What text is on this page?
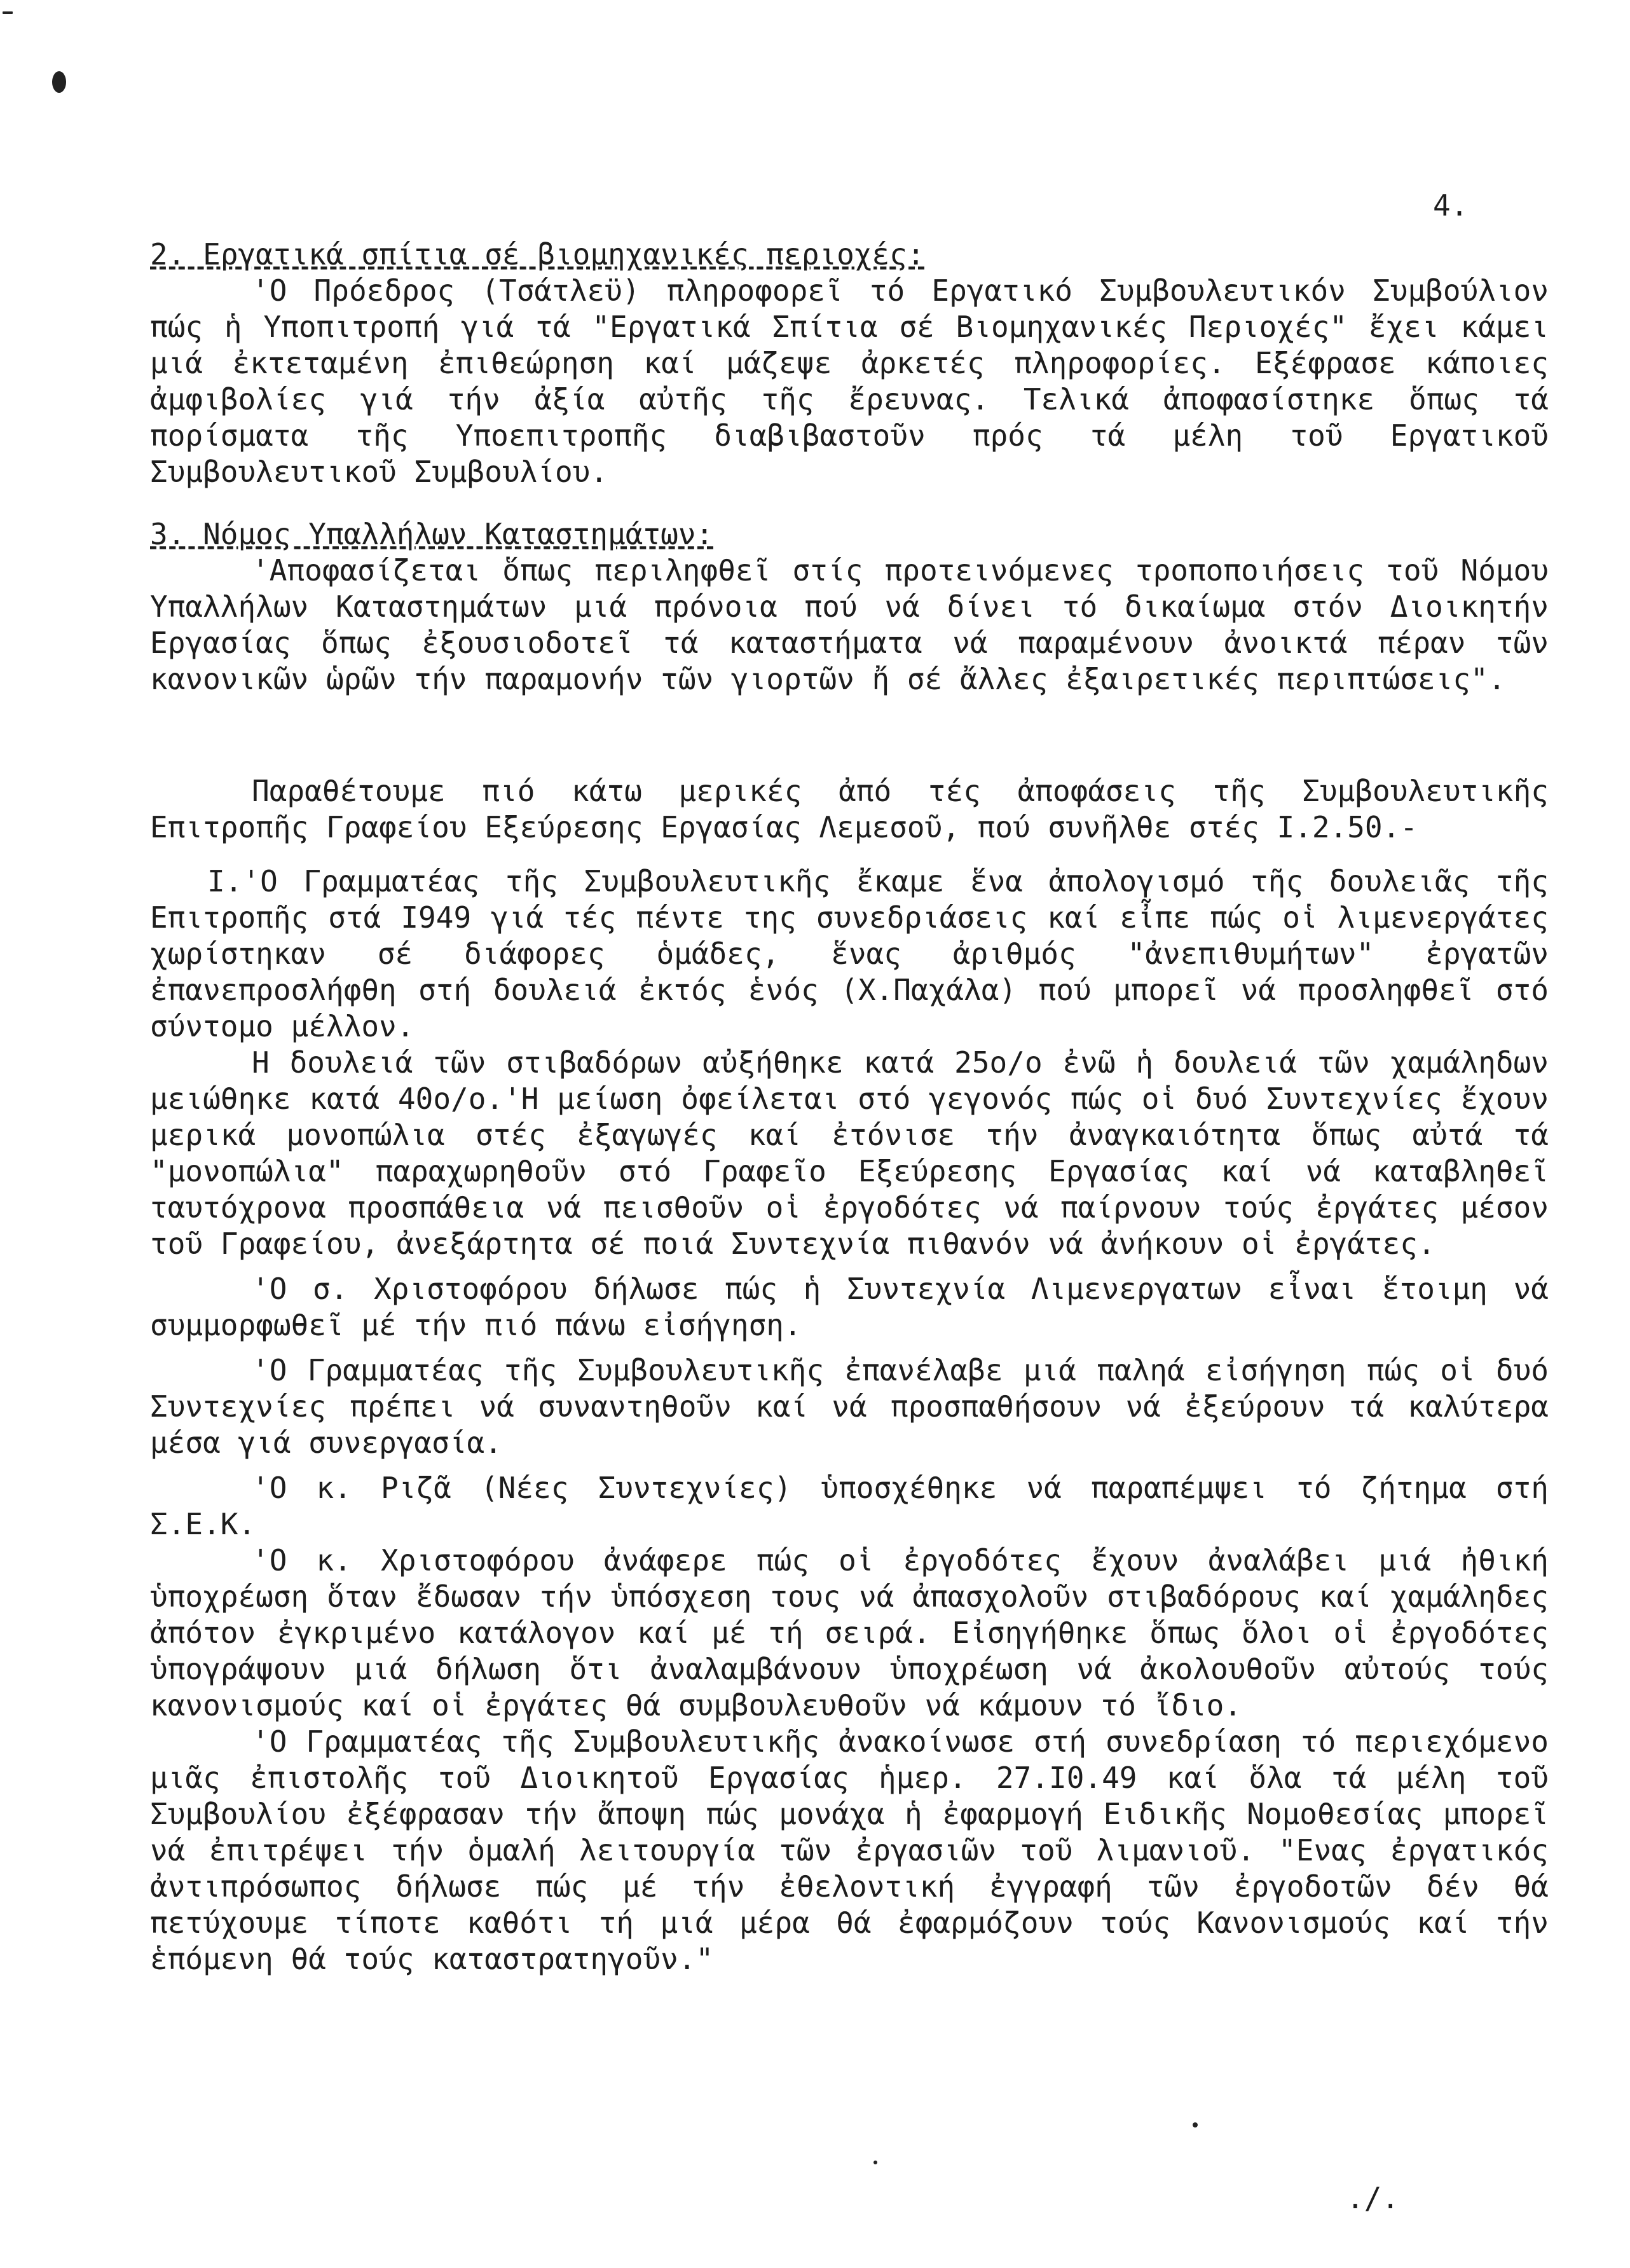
4.
2. Εργατικά σπίτια σέ βιομηχανικές περιοχές:

'Ο Πρόεδρος (Τσάτλεϋ) πληροφορεῖ τό Εργατικό Συμβουλευτικόν Συμβούλιον πώς ἡ Υποπιτροπή γιά τά "Εργατικά Σπίτια σέ Βιομηχανικές Περιοχές" ἔχει κάμει μιά ἐκτεταμένη ἐπιθεώρηση καί μάζεψε ἀρκετές πληροφορίες. Εξέφρασε κάποιες ἀμφιβολίες γιά τήν ἀξία αὐτῆς τῆς ἔρευνας. Τελικά ἀποφασίστηκε ὅπως τά πορίσματα τῆς Υποεπιτροπῆς διαβιβαστοῦν πρός τά μέλη τοῦ Εργατικοῦ Συμβουλευτικοῦ Συμβουλίου.

3. Νόμος Υπαλλήλων Καταστημάτων:

'Αποφασίζεται ὅπως περιληφθεῖ στίς προτεινόμενες τροποποιήσεις τοῦ Νόμου Υπαλλήλων Καταστημάτων μιά πρόνοια πού νά δίνει τό δικαίωμα στόν Διοικητήν Εργασίας ὅπως ἐξουσιοδοτεῖ τά καταστήματα νά παραμένουν ἀνοικτά πέραν τῶν κανονικῶν ὡρῶν τήν παραμονήν τῶν γιορτῶν ἤ σέ ἄλλες ἐξαιρετικές περιπτώσεις".

Παραθέτουμε πιό κάτω μερικές ἀπό τές ἀποφάσεις τῆς Συμβουλευτικῆς Επιτροπῆς Γραφείου Εξεύρεσης Εργασίας Λεμεσοῦ, πού συνῆλθε στές Ι.2.50.-

Ι.'Ο Γραμματέας τῆς Συμβουλευτικῆς ἔκαμε ἕνα ἀπολογισμό τῆς δουλειᾶς τῆς Επιτροπῆς στά Ι949 γιά τές πέντε της συνεδριάσεις καί εἶπε πώς οἱ λιμενεργάτες χωρίστηκαν σέ διάφορες ὁμάδες, ἕνας ἀριθμός "ἀνεπιθυμήτων" ἐργατῶν ἐπανεπροσλήφθη στή δουλειά ἐκτός ἑνός (Χ.Παχάλα) πού μπορεῖ νά προσληφθεῖ στό σύντομο μέλλον.

Η δουλειά τῶν στιβαδόρων αὐξήθηκε κατά 25ο/ο ἐνῶ ἡ δουλειά τῶν χαμάληδων μειώθηκε κατά 40ο/ο.'Η μείωση ὀφείλεται στό γεγονός πώς οἱ δυό Συντεχνίες ἔχουν μερικά μονοπώλια στές ἐξαγωγές καί ἐτόνισε τήν ἀναγκαιότητα ὅπως αὐτά τά "μονοπώλια" παραχωρηθοῦν στό Γραφεῖο Εξεύρεσης Εργασίας καί νά καταβληθεῖ ταυτόχρονα προσπάθεια νά πεισθοῦν οἱ ἐργοδότες νά παίρνουν τούς ἐργάτες μέσον τοῦ Γραφείου, ἀνεξάρτητα σέ ποιά Συντεχνία πιθανόν νά ἀνήκουν οἱ ἐργάτες.

'Ο σ. Χριστοφόρου δήλωσε πώς ἡ Συντεχνία Λιμενεργατων εἶναι ἕτοιμη νά συμμορφωθεῖ μέ τήν πιό πάνω εἰσήγηση.

'Ο Γραμματέας τῆς Συμβουλευτικῆς ἐπανέλαβε μιά παληά εἰσήγηση πώς οἱ δυό Συντεχνίες πρέπει νά συναντηθοῦν καί νά προσπαθήσουν νά ἐξεύρουν τά καλύτερα μέσα γιά συνεργασία.

'Ο κ. Ριζᾶ (Νέες Συντεχνίες) ὑποσχέθηκε νά παραπέμψει τό ζήτημα στή Σ.Ε.Κ.

'Ο κ. Χριστοφόρου ἀνάφερε πώς οἱ ἐργοδότες ἔχουν ἀναλάβει μιά ἠθική ὑποχρέωση ὅταν ἔδωσαν τήν ὑπόσχεση τους νά ἀπασχολοῦν στιβαδόρους καί χαμάληδες ἀπότον ἐγκριμένο κατάλογον καί μέ τή σειρά. Εἰσηγήθηκε ὅπως ὅλοι οἱ ἐργοδότες ὑπογράψουν μιά δήλωση ὅτι ἀναλαμβάνουν ὑποχρέωση νά ἀκολουθοῦν αὐτούς τούς κανονισμούς καί οἱ ἐργάτες θά συμβουλευθοῦν νά κάμουν τό ἴδιο.

'Ο Γραμματέας τῆς Συμβουλευτικῆς ἀνακοίνωσε στή συνεδρίαση τό περιεχόμενο μιᾶς ἐπιστολῆς τοῦ Διοικητοῦ Εργασίας ἡμερ. 27.Ι0.49 καί ὅλα τά μέλη τοῦ Συμβουλίου ἐξέφρασαν τήν ἄποψη πώς μονάχα ἡ ἐφαρμογή Ειδικῆς Νομοθεσίας μπορεῖ νά ἐπιτρέψει τήν ὁμαλή λειτουργία τῶν ἐργασιῶν τοῦ λιμανιοῦ. "Ενας ἐργατικός ἀντιπρόσωπος δήλωσε πώς μέ τήν ἐθελοντική ἐγγραφή τῶν ἐργοδοτῶν δέν θά πετύχουμε τίποτε καθότι τή μιά μέρα θά ἐφαρμόζουν τούς Κανονισμούς καί τήν ἑπόμενη θά τούς καταστρατηγοῦν."

./.
